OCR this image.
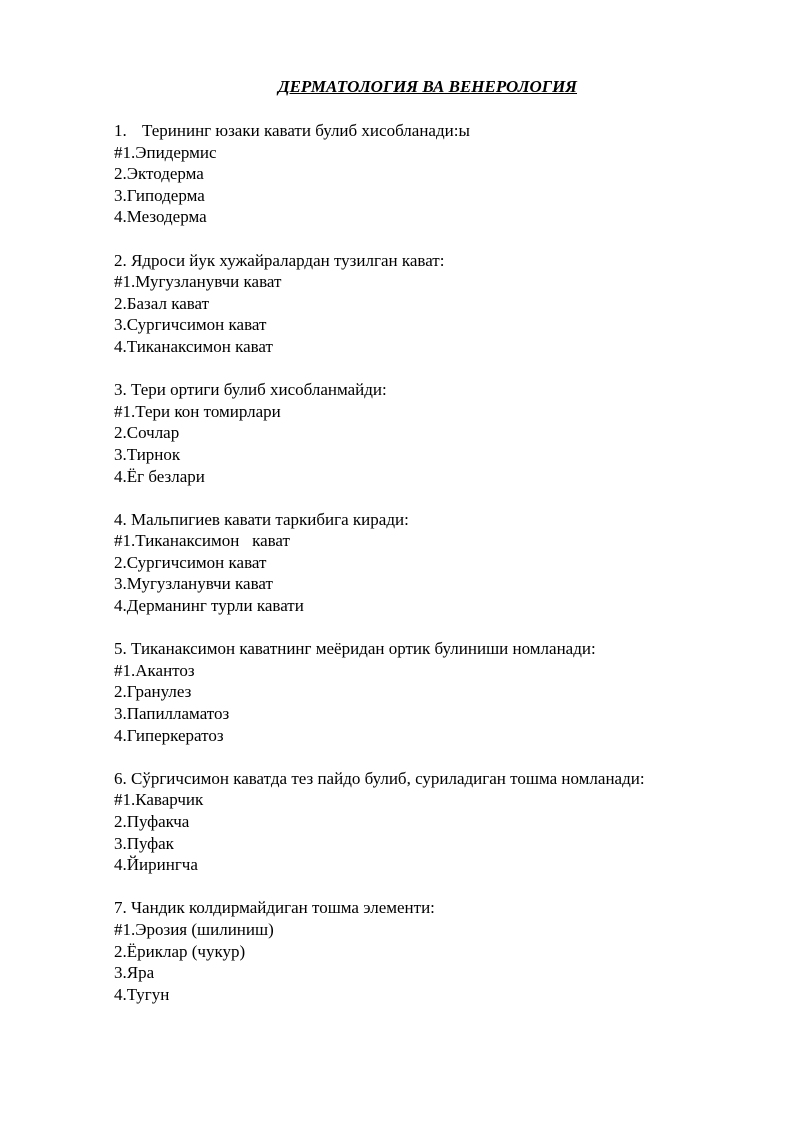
ДЕРМАТОЛОГИЯ ВА ВЕНЕРОЛОГИЯ
1. Терининг юзаки кавати булиб хисобланади:ы
#1.Эпидермис
2.Эктодерма
3.Гиподерма
4.Мезодерма
2. Ядроси йук хужайралардан тузилган кават:
#1.Мугузланувчи кават
2.Базал кават
3.Сургичсимон кават
4.Тиканаксимон кават
3. Тери ортиги булиб хисобланмайди:
#1.Тери кон томирлари
2.Сочлар
3.Тирнок
4.Ёг безлари
4. Мальпигиев кавати таркибига киради:
#1.Тиканаксимон   кават
2.Сургичсимон кават
3.Мугузланувчи кават
4.Дерманинг турли кавати
5. Тиканаксимон каватнинг меёридан ортик булиниши номланади:
#1.Акантоз
2.Гранулез
3.Папилламатоз
4.Гиперкератоз
6. Сўргичсимон каватда тез пайдо булиб, суриладиган тошма номланади:
#1.Каварчик
2.Пуфакча
3.Пуфак
4.Йирингча
7. Чандик колдирмайдиган тошма элементи:
#1.Эрозия (шилиниш)
2.Ёриклар (чукур)
3.Яра
4.Тугун
